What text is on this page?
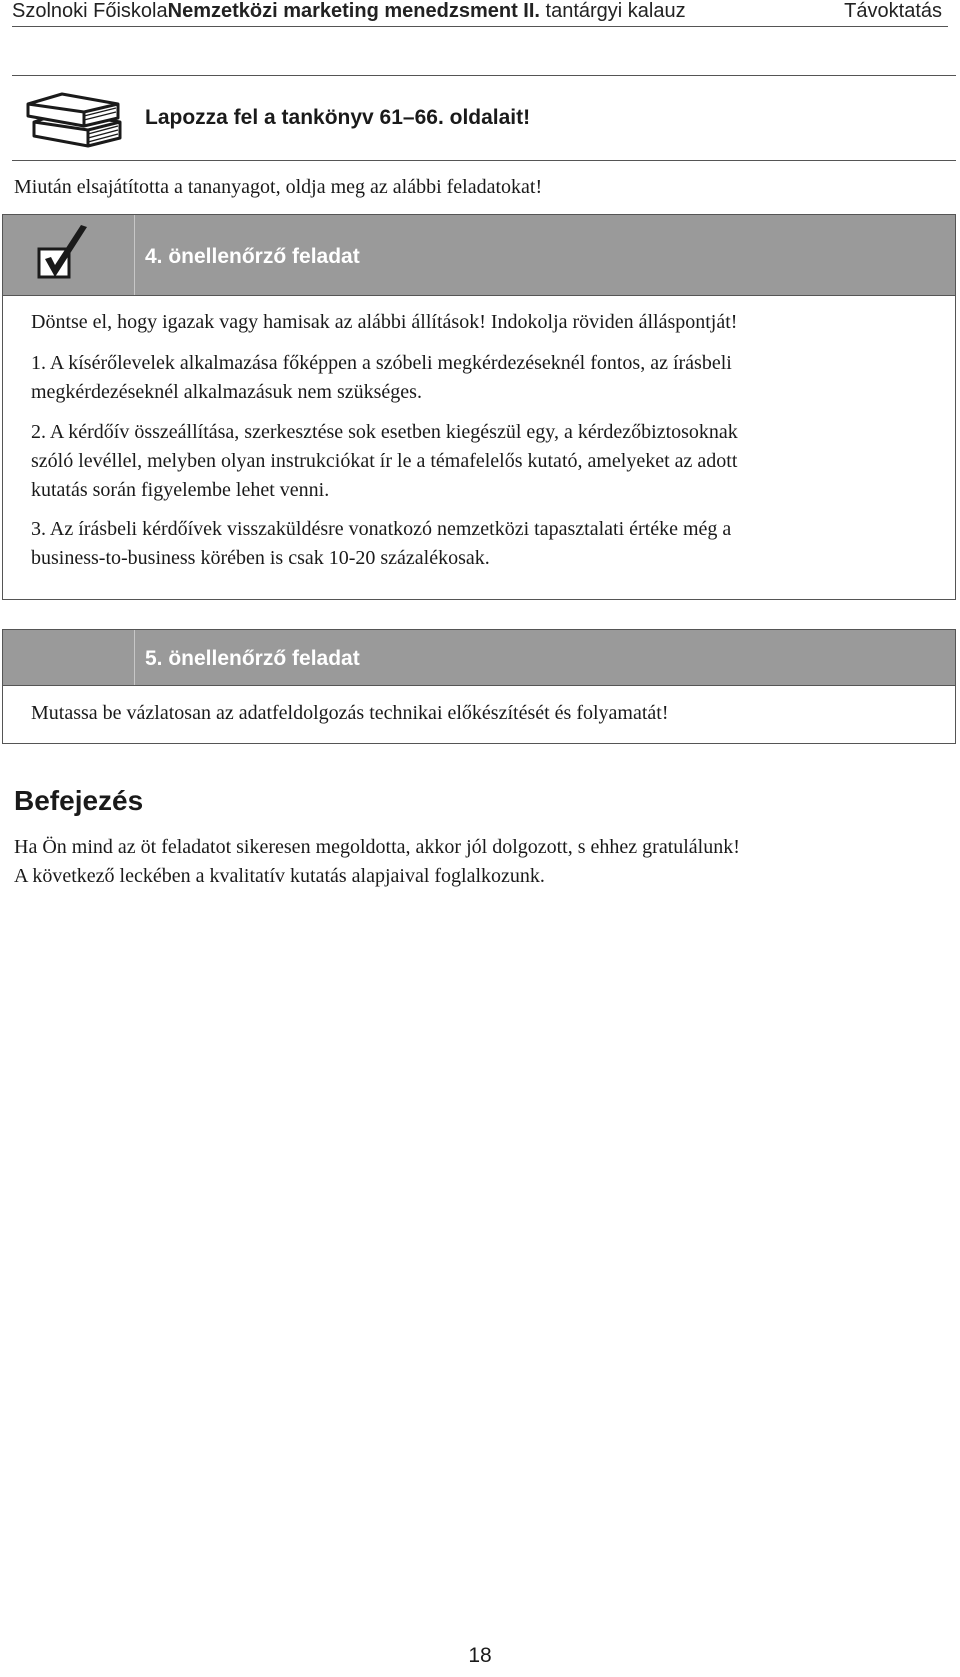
Szolnoki FőiskolaNemzetközi marketing menedzsment II. tantárgyi kalauz	Távoktatás
Lapozza fel a tankönyv 61–66. oldalait!
Miután elsajátította a tananyagot, oldja meg az alábbi feladatokat!
4. önellenőrző feladat
Döntse el, hogy igazak vagy hamisak az alábbi állítások! Indokolja röviden álláspontját!
1. A kísérőlevelek alkalmazása főképpen a szóbeli megkérdezéseknél fontos, az írásbeli
megkérdezéseknél alkalmazásuk nem szükséges.
2. A kérdőív összeállítása, szerkesztése sok esetben kiegészül egy, a kérdezőbiztosoknak
szóló levéllel, melyben olyan instrukciókat ír le a témafelelős kutató, amelyeket az adott
kutatás során figyelembe lehet venni.
3. Az írásbeli kérdőívek visszaküldésre vonatkozó nemzetközi tapasztalati értéke még a
business-to-business körében is csak 10-20 százalékosak.
5. önellenőrző feladat
Mutassa be vázlatosan az adatfeldolgozás technikai előkészítését és folyamatát!
Befejezés
Ha Ön mind az öt feladatot sikeresen megoldotta, akkor jól dolgozott, s ehhez gratulálunk!
A következő leckében a kvalitatív kutatás alapjaival foglalkozunk.
18
